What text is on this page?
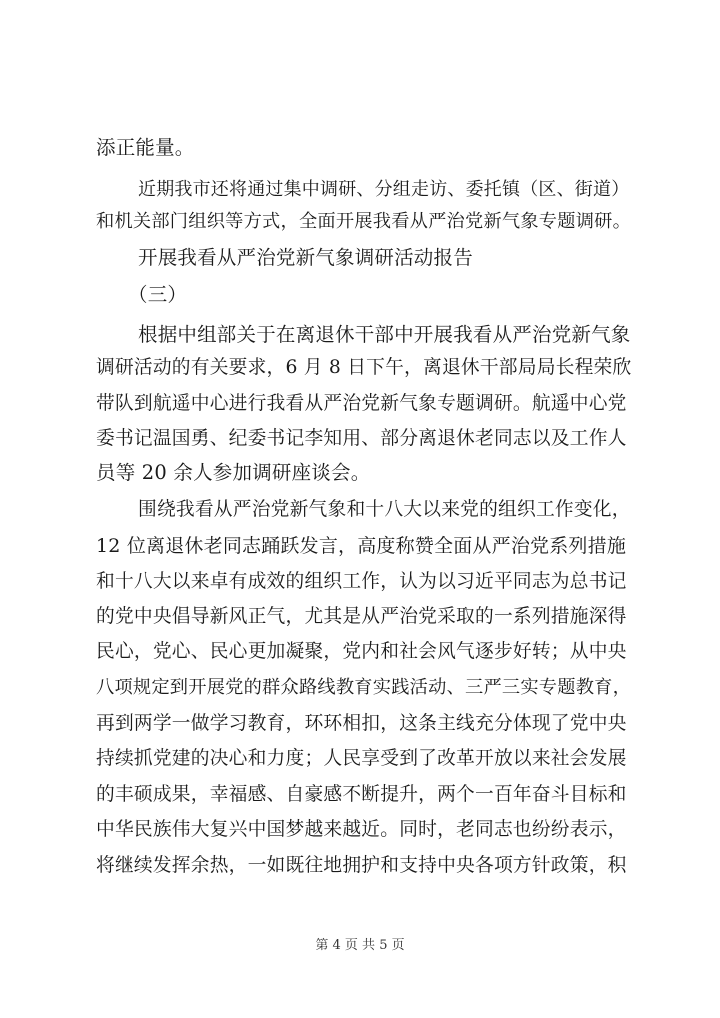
添正能量。
近期我市还将通过集中调研、分组走访、委托镇（区、街道）
和机关部门组织等方式，全面开展我看从严治党新气象专题调研。
开展我看从严治党新气象调研活动报告
（三）
根据中组部关于在离退休干部中开展我看从严治党新气象
调研活动的有关要求，6 月 8 日下午，离退休干部局局长程荣欣
带队到航遥中心进行我看从严治党新气象专题调研。航遥中心党
委书记温国勇、纪委书记李知用、部分离退休老同志以及工作人
员等 20 余人参加调研座谈会。
围绕我看从严治党新气象和十八大以来党的组织工作变化，
12 位离退休老同志踊跃发言，高度称赞全面从严治党系列措施
和十八大以来卓有成效的组织工作，认为以习近平同志为总书记
的党中央倡导新风正气，尤其是从严治党采取的一系列措施深得
民心，党心、民心更加凝聚，党内和社会风气逐步好转；从中央
八项规定到开展党的群众路线教育实践活动、三严三实专题教育，
再到两学一做学习教育，环环相扣，这条主线充分体现了党中央
持续抓党建的决心和力度；人民享受到了改革开放以来社会发展
的丰硕成果，幸福感、自豪感不断提升，两个一百年奋斗目标和
中华民族伟大复兴中国梦越来越近。同时，老同志也纷纷表示，
将继续发挥余热，一如既往地拥护和支持中央各项方针政策，积
第 4 页 共 5 页
